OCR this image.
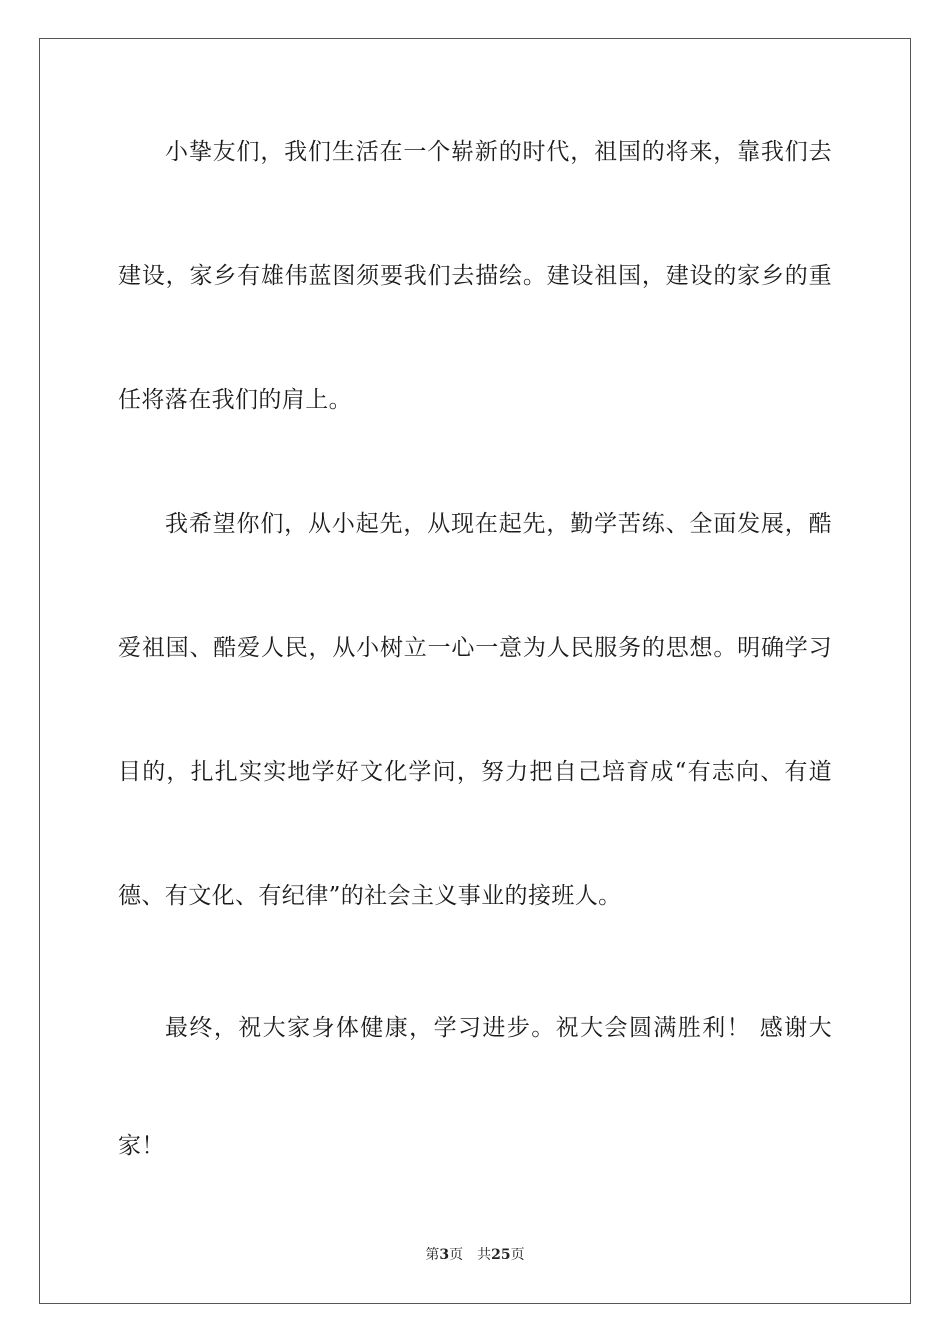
小挚友们，我们生活在一个崭新的时代，祖国的将来，靠我们去
建设，家乡有雄伟蓝图须要我们去描绘。建设祖国，建设的家乡的重
任将落在我们的肩上。
我希望你们，从小起先，从现在起先，勤学苦练、全面发展，酷
爱祖国、酷爱人民，从小树立一心一意为人民服务的思想。明确学习
目的，扎扎实实地学好文化学问，努力把自己培育成“有志向、有道
德、有文化、有纪律”的社会主义事业的接班人。
最终，祝大家身体健康，学习进步。祝大会圆满胜利！ 感谢大
家！
第3页 共25页
